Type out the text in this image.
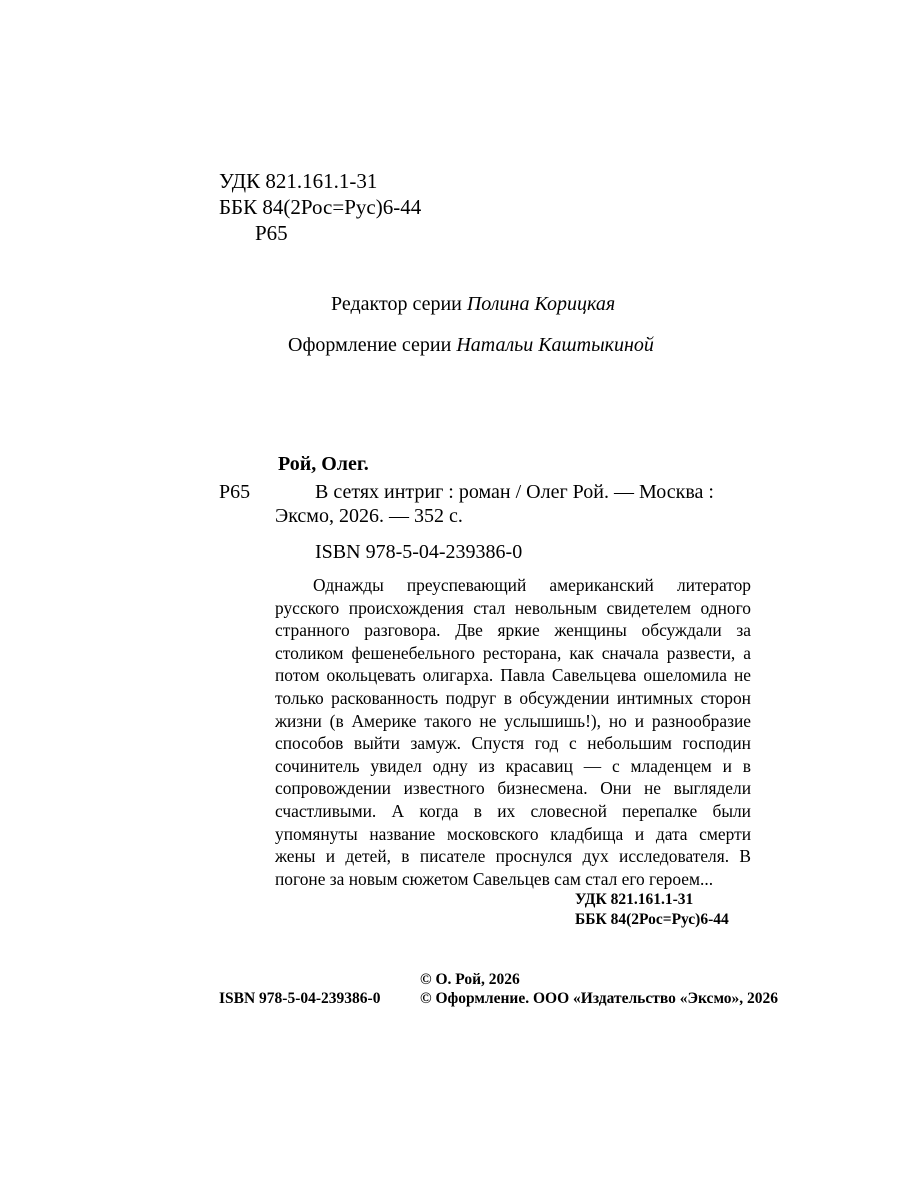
УДК 821.161.1-31
ББК 84(2Рос=Рус)6-44
Р65
Редактор серии Полина Корицкая
Оформление серии Натальи Каштыкиной
Рой, Олег.
Р65	В сетях интриг : роман / Олег Рой. — Москва :
Эксмо, 2026. — 352 с.
ISBN 978-5-04-239386-0
Однажды преуспевающий американский литератор русского происхождения стал невольным свидетелем одного странного разговора. Две яркие женщины обсуждали за столиком фешенебельного ресторана, как сначала развести, а потом окольцевать олигарха. Павла Савельцева ошеломила не только раскованность подруг в обсуждении интимных сторон жизни (в Америке такого не услышишь!), но и разнообразие способов выйти замуж. Спустя год с небольшим господин сочинитель увидел одну из красавиц — с младенцем и в сопровождении известного бизнесмена. Они не выглядели счастливыми. А когда в их словесной перепалке были упомянуты название московского кладбища и дата смерти жены и детей, в писателе проснулся дух исследователя. В погоне за новым сюжетом Савельцев сам стал его героем...
УДК 821.161.1-31
ББК 84(2Рос=Рус)6-44
© О. Рой, 2026
ISBN 978-5-04-239386-0	© Оформление. ООО «Издательство «Эксмо», 2026
